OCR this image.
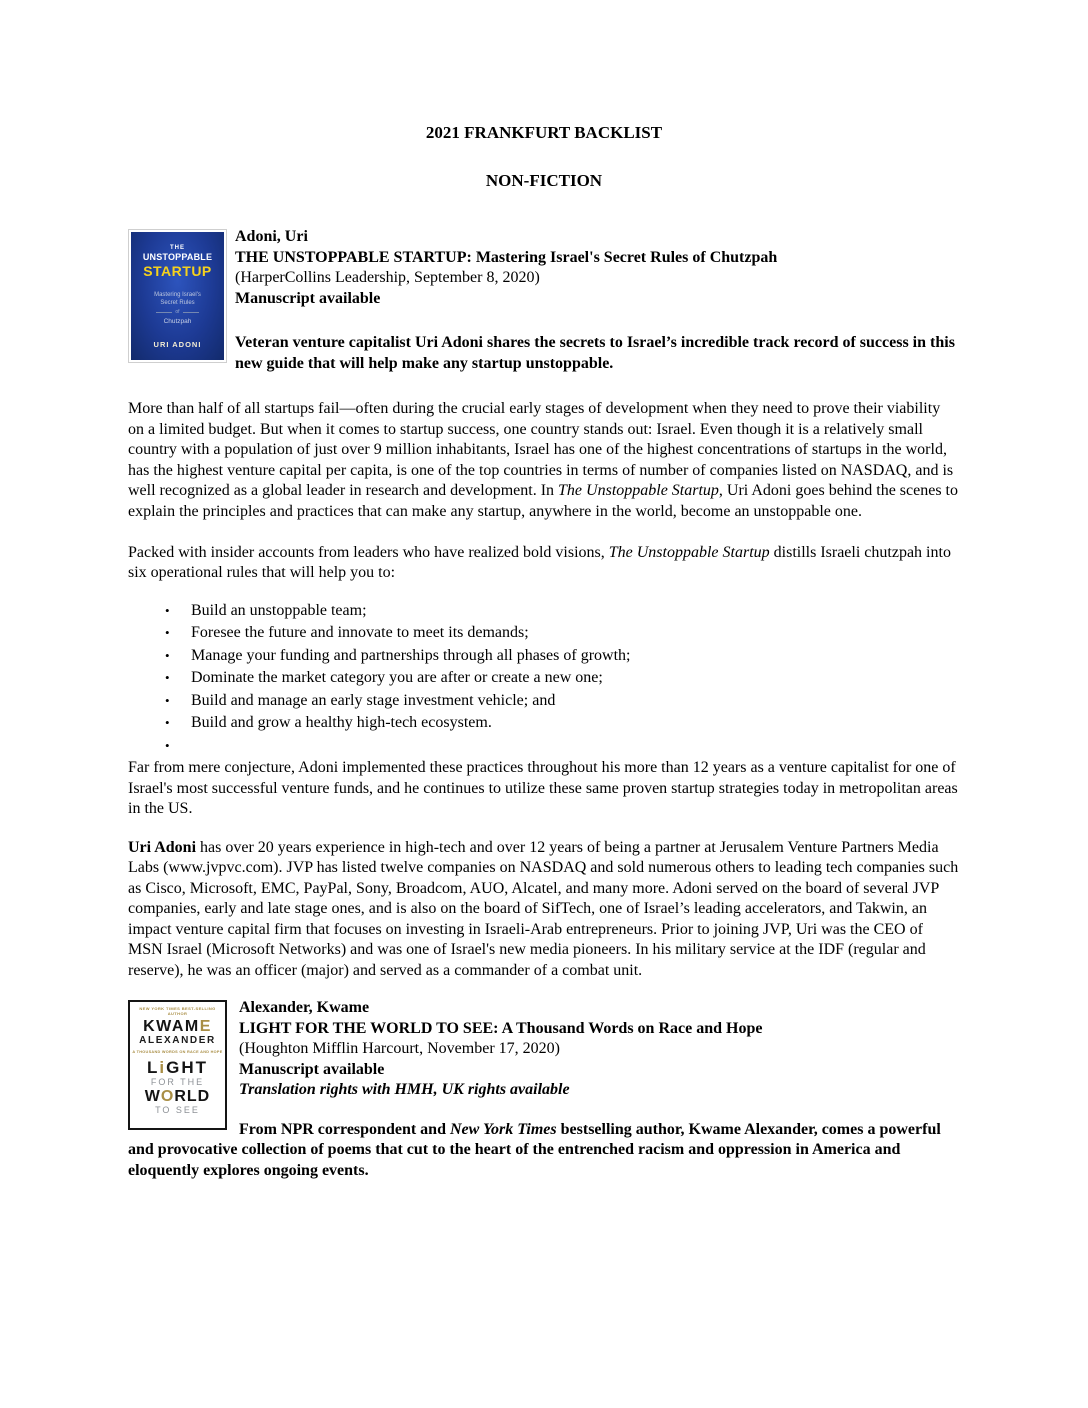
2021 FRANKFURT BACKLIST
NON-FICTION
THE
UNSTOPPABLE
STARTUP
Mastering Israel's
Secret Rules
of
Chutzpah
URI ADONI

Adoni, Uri

THE UNSTOPPABLE STARTUP: Mastering Israel's Secret Rules of Chutzpah

(HarperCollins Leadership, September 8, 2020)

Manuscript available

Veteran venture capitalist Uri Adoni shares the secrets to Israel’s incredible track record of success in this new guide that will help make any startup unstoppable.

More than half of all startups fail—often during the crucial early stages of development when they need to prove their viability on a limited budget. But when it comes to startup success, one country stands out: Israel. Even though it is a relatively small country with a population of just over 9 million inhabitants, Israel has one of the highest concentrations of startups in the world, has the highest venture capital per capita, is one of the top countries in terms of number of companies listed on NASDAQ, and is well recognized as a global leader in research and development. In The Unstoppable Startup, Uri Adoni goes behind the scenes to explain the principles and practices that can make any startup, anywhere in the world, become an unstoppable one.

Packed with insider accounts from leaders who have realized bold visions, The Unstoppable Startup distills Israeli chutzpah into six operational rules that will help you to:

• Build an unstoppable team;
• Foresee the future and innovate to meet its demands;
• Manage your funding and partnerships through all phases of growth;
• Dominate the market category you are after or create a new one;
• Build and manage an early stage investment vehicle; and
• Build and grow a healthy high-tech ecosystem.
•

Far from mere conjecture, Adoni implemented these practices throughout his more than 12 years as a venture capitalist for one of Israel's most successful venture funds, and he continues to utilize these same proven startup strategies today in metropolitan areas in the US.

Uri Adoni has over 20 years experience in high-tech and over 12 years of being a partner at Jerusalem Venture Partners Media Labs (www.jvpvc.com). JVP has listed twelve companies on NASDAQ and sold numerous others to leading tech companies such as Cisco, Microsoft, EMC, PayPal, Sony, Broadcom, AUO, Alcatel, and many more. Adoni served on the board of several JVP companies, early and late stage ones, and is also on the board of SifTech, one of Israel’s leading accelerators, and Takwin, an impact venture capital firm that focuses on investing in Israeli-Arab entrepreneurs. Prior to joining JVP, Uri was the CEO of MSN Israel (Microsoft Networks) and was one of Israel's new media pioneers. In his military service at the IDF (regular and reserve), he was an officer (major) and served as a commander of a combat unit.

NEW YORK TIMES BEST-SELLING AUTHOR
KWAME
ALEXANDER
A THOUSAND WORDS ON RACE AND HOPE
LiGHT
FOR THE
WORLD
TO SEE

Alexander, Kwame

LIGHT FOR THE WORLD TO SEE: A Thousand Words on Race and Hope

(Houghton Mifflin Harcourt, November 17, 2020)

Manuscript available

Translation rights with HMH, UK rights available

From NPR correspondent and New York Times bestselling author, Kwame Alexander, comes a powerful and provocative collection of poems that cut to the heart of the entrenched racism and oppression in America and eloquently explores ongoing events.
